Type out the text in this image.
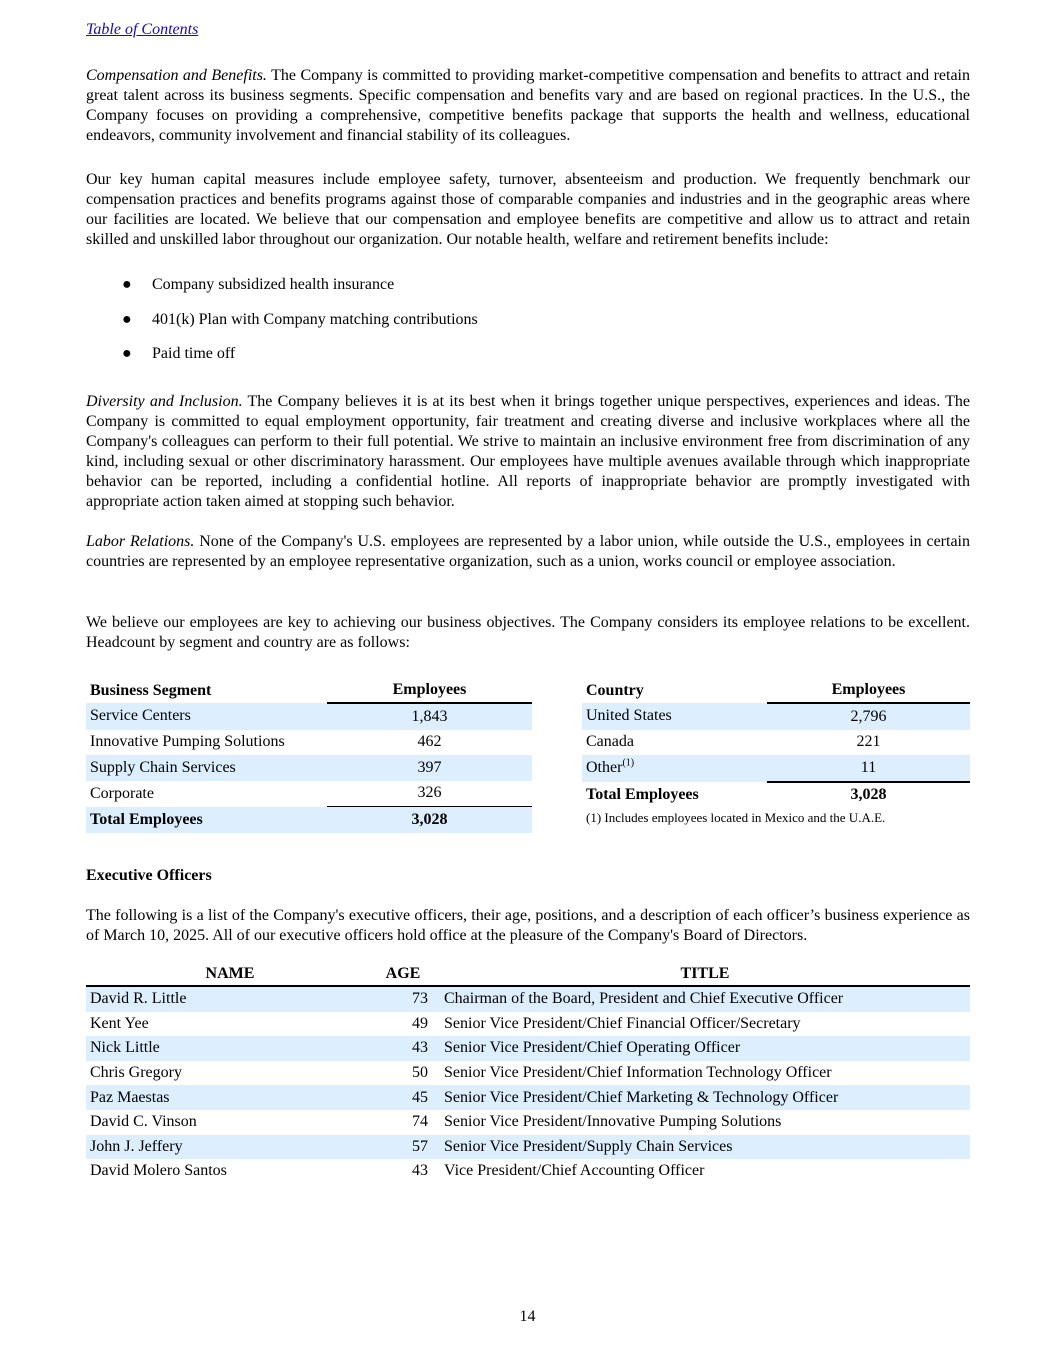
Table of Contents

Compensation and Benefits. The Company is committed to providing market-competitive compensation and benefits to attract and retain great talent across its business segments. Specific compensation and benefits vary and are based on regional practices. In the U.S., the Company focuses on providing a comprehensive, competitive benefits package that supports the health and wellness, educational endeavors, community involvement and financial stability of its colleagues.

Our key human capital measures include employee safety, turnover, absenteeism and production. We frequently benchmark our compensation practices and benefits programs against those of comparable companies and industries and in the geographic areas where our facilities are located. We believe that our compensation and employee benefits are competitive and allow us to attract and retain skilled and unskilled labor throughout our organization. Our notable health, welfare and retirement benefits include:

● Company subsidized health insurance
● 401(k) Plan with Company matching contributions
● Paid time off

Diversity and Inclusion. The Company believes it is at its best when it brings together unique perspectives, experiences and ideas. The Company is committed to equal employment opportunity, fair treatment and creating diverse and inclusive workplaces where all the Company's colleagues can perform to their full potential. We strive to maintain an inclusive environment free from discrimination of any kind, including sexual or other discriminatory harassment. Our employees have multiple avenues available through which inappropriate behavior can be reported, including a confidential hotline. All reports of inappropriate behavior are promptly investigated with appropriate action taken aimed at stopping such behavior.

Labor Relations. None of the Company's U.S. employees are represented by a labor union, while outside the U.S., employees in certain countries are represented by an employee representative organization, such as a union, works council or employee association.

We believe our employees are key to achieving our business objectives. The Company considers its employee relations to be excellent. Headcount by segment and country are as follows:

Business Segment	Employees
Service Centers	1,843
Innovative Pumping Solutions	462
Supply Chain Services	397
Corporate	326
Total Employees	3,028
Country	Employees
United States	2,796
Canada	221
Other$^{(1)}$	11
Total Employees	3,028
(1) Includes employees located in Mexico and the U.A.E.
Executive Officers

The following is a list of the Company's executive officers, their age, positions, and a description of each officer’s business experience as of March 10, 2025. All of our executive officers hold office at the pleasure of the Company's Board of Directors.

NAME	AGE	TITLE
David R. Little	73	Chairman of the Board, President and Chief Executive Officer
Kent Yee	49	Senior Vice President/Chief Financial Officer/Secretary
Nick Little	43	Senior Vice President/Chief Operating Officer
Chris Gregory	50	Senior Vice President/Chief Information Technology Officer
Paz Maestas	45	Senior Vice President/Chief Marketing & Technology Officer
David C. Vinson	74	Senior Vice President/Innovative Pumping Solutions
John J. Jeffery	57	Senior Vice President/Supply Chain Services
David Molero Santos	43	Vice President/Chief Accounting Officer
14
